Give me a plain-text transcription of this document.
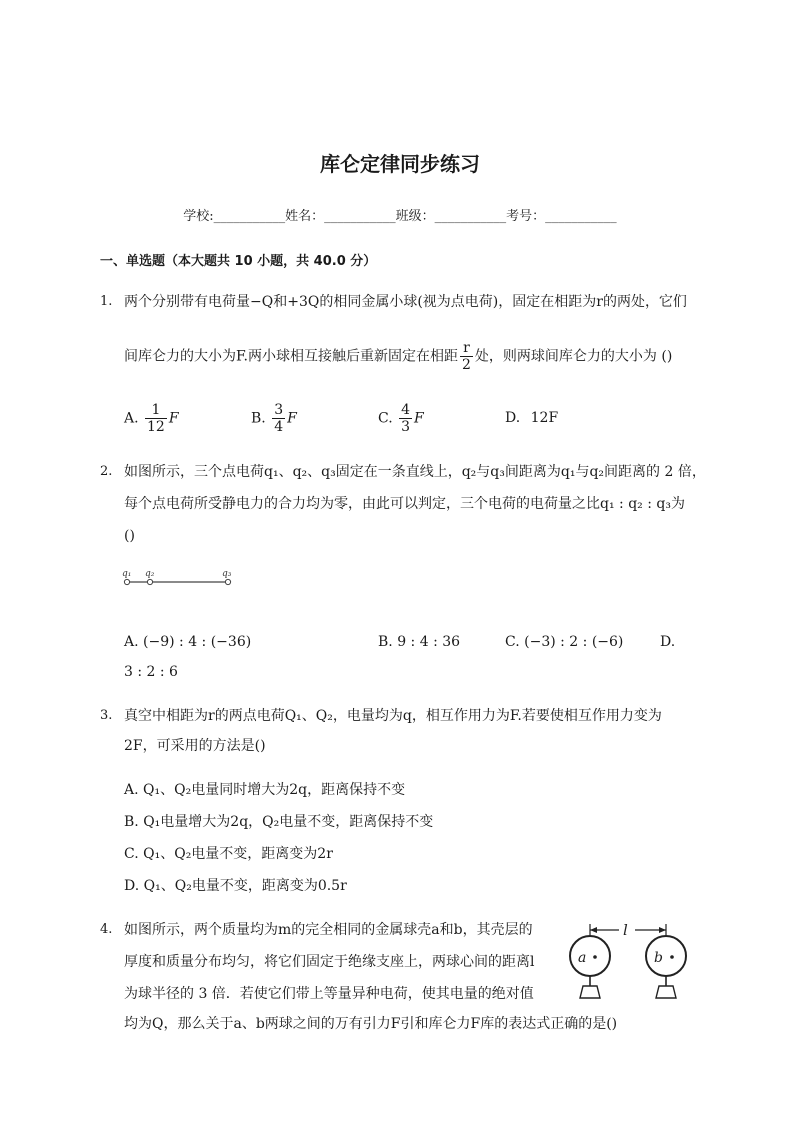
库仑定律同步练习
学校:___________姓名：___________班级：___________考号：___________
一、单选题（本大题共 10 小题，共 40.0 分）
1. 两个分别带有电荷量−Q和+3Q的相同金属小球(视为点电荷)，固定在相距为r的两处，它们
间库仑力的大小为F.两小球相互接触后重新固定在相距 $\frac{r}{2}$ 处，则两球间库仑力的大小为 ()
A. $\frac{1}{12}$ F	B. $\frac{3}{4}$ F	C. $\frac{4}{3}$ F	D. 12F
2. 如图所示，三个点电荷q₁、q₂、q₃固定在一条直线上，q₂与q₃间距离为q₁与q₂间距离的 2 倍，
每个点电荷所受静电力的合力均为零，由此可以判定，三个电荷的电荷量之比q₁ : q₂ : q₃为
()
q₁ q₂	q₃
A. (−9) : 4 : (−36)	B. 9 : 4 : 36	C. (−3) : 2 : (−6)	D.
3 : 2 : 6
3. 真空中相距为r的两点电荷Q₁、Q₂，电量均为q，相互作用力为F.若要使相互作用力变为
2F，可采用的方法是()
A. Q₁、Q₂电量同时增大为2q，距离保持不变
B. Q₁电量增大为2q，Q₂电量不变，距离保持不变
C. Q₁、Q₂电量不变，距离变为2r
D. Q₁、Q₂电量不变，距离变为0.5r
4. 如图所示，两个质量均为m的完全相同的金属球壳a和b，其壳层的
厚度和质量分布均匀，将它们固定于绝缘支座上，两球心间的距离l
为球半径的 3 倍．若使它们带上等量异种电荷，使其电量的绝对值
均为Q，那么关于a、b两球之间的万有引力F引和库仑力F库的表达式正确的是()
l
a	b
